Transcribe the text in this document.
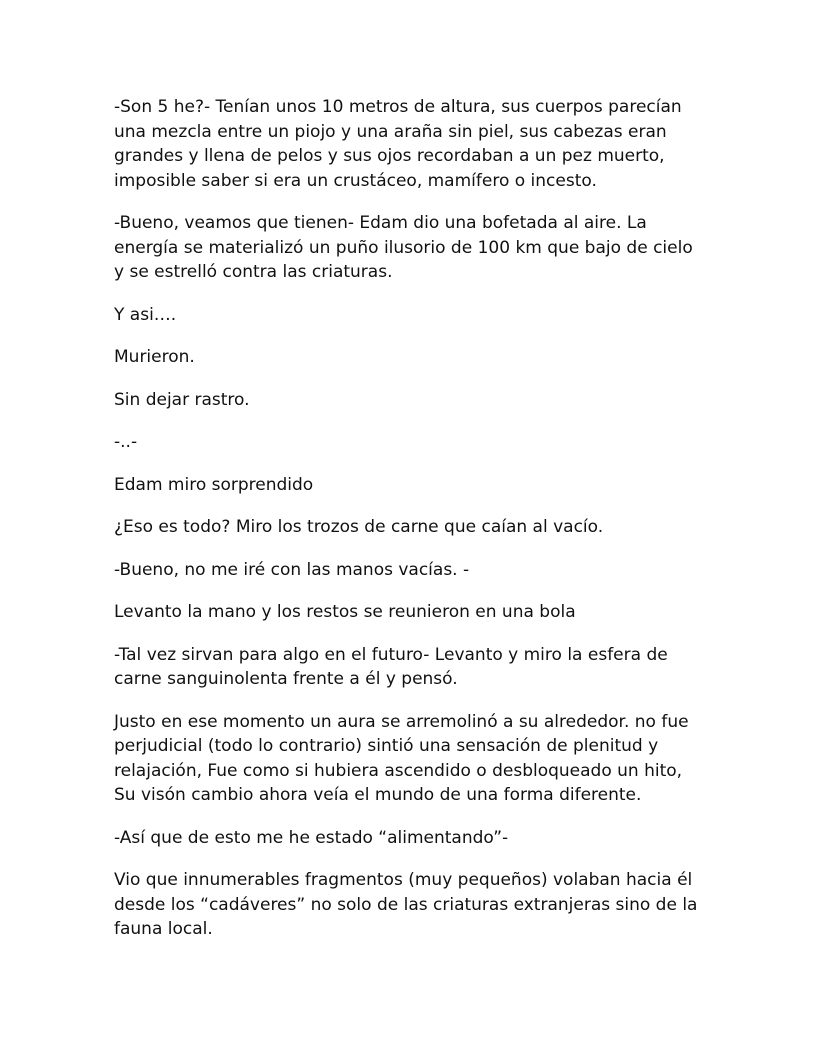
-Son 5 he?- Tenían unos 10 metros de altura, sus cuerpos parecían una mezcla entre un piojo y una araña sin piel, sus cabezas eran grandes y llena de pelos y sus ojos recordaban a un pez muerto, imposible saber si era un crustáceo, mamífero o incesto.

-Bueno, veamos que tienen- Edam dio una bofetada al aire. La energía se materializó un puño ilusorio de 100 km que bajo de cielo y se estrelló contra las criaturas.

Y asi….

Murieron.

Sin dejar rastro.

-..-

Edam miro sorprendido

¿Eso es todo? Miro los trozos de carne que caían al vacío.

-Bueno, no me iré con las manos vacías. -

Levanto la mano y los restos se reunieron en una bola

-Tal vez sirvan para algo en el futuro- Levanto y miro la esfera de carne sanguinolenta frente a él y pensó.

Justo en ese momento un aura se arremolinó a su alrededor. no fue perjudicial (todo lo contrario) sintió una sensación de plenitud y relajación, Fue como si hubiera ascendido o desbloqueado un hito, Su visón cambio ahora veía el mundo de una forma diferente.

-Así que de esto me he estado “alimentando”-

Vio que innumerables fragmentos (muy pequeños) volaban hacia él desde los “cadáveres” no solo de las criaturas extranjeras sino de la fauna local.
